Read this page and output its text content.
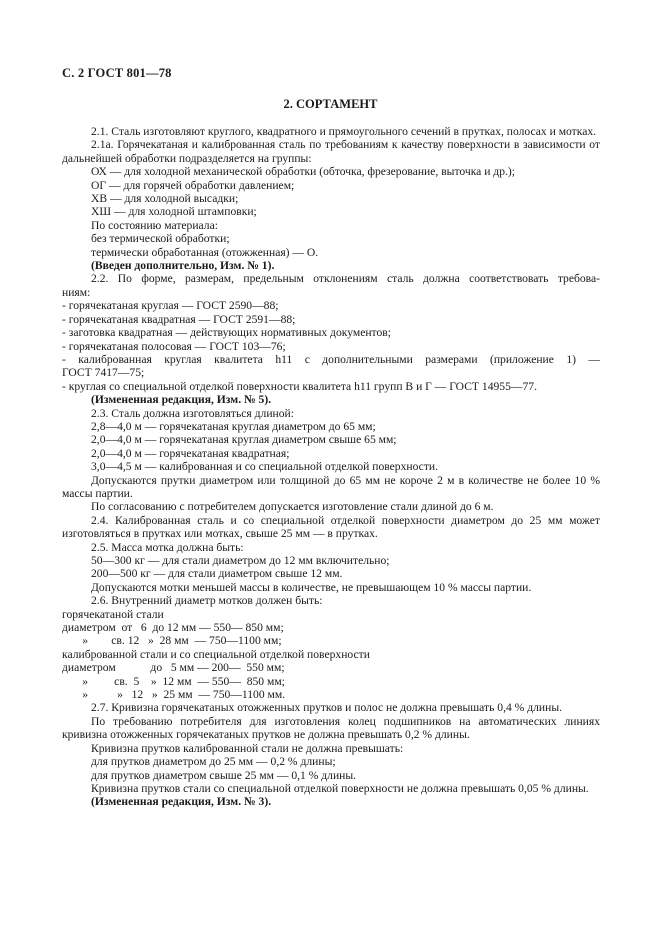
С. 2 ГОСТ 801—78
2. СОРТАМЕНТ

2.1. Сталь изготовляют круглого, квадратного и прямоугольного сечений в прутках, полосах и мотках.

2.1а. Горячекатаная и калиброванная сталь по требованиям к качеству поверхности в зависимости от дальнейшей обработки подразделяется на группы:

ОХ — для холодной механической обработки (обточка, фрезерование, выточка и др.);

ОГ — для горячей обработки давлением;

ХВ — для холодной высадки;

ХШ — для холодной штамповки;

По состоянию материала:

без термической обработки;

термически обработанная (отожженная) — О.

(Введен дополнительно, Изм. № 1).

2.2. По форме, размерам, предельным отклонениям сталь должна соответствовать требова-

ниям:

- горячекатаная круглая — ГОСТ 2590—88;

- горячекатаная квадратная — ГОСТ 2591—88;

- заготовка квадратная — действующих нормативных документов;

- горячекатаная полосовая — ГОСТ 103—76;

- калиброванная круглая квалитета h11 с дополнительными размерами (приложение 1) —

ГОСТ 7417—75;

- круглая со специальной отделкой поверхности квалитета h11 групп В и Г — ГОСТ 14955—77.

(Измененная редакция, Изм. № 5).

2.3. Сталь должна изготовляться длиной:

2,8—4,0 м — горячекатаная круглая диаметром до 65 мм;

2,0—4,0 м — горячекатаная круглая диаметром свыше 65 мм;

2,0—4,0 м — горячекатаная квадратная;

3,0—4,5 м — калиброванная и со специальной отделкой поверхности.

Допускаются прутки диаметром или толщиной до 65 мм не короче 2 м в количестве не более 10 % массы партии.

По согласованию с потребителем допускается изготовление стали длиной до 6 м.

2.4. Калиброванная сталь и со специальной отделкой поверхности диаметром до 25 мм может изготовляться в прутках или мотках, свыше 25 мм — в прутках.

2.5. Масса мотка должна быть:

50—300 кг — для стали диаметром до 12 мм включительно;

200—500 кг — для стали диаметром свыше 12 мм.

Допускаются мотки меньшей массы в количестве, не превышающем 10 % массы партии.

2.6. Внутренний диаметр мотков должен быть:

горячекатаной стали

диаметром  от   6  до 12 мм — 550— 850 мм;

»        св. 12   »  28 мм  — 750—1100 мм;

калиброванной стали и со специальной отделкой поверхности

диаметром            до   5 мм — 200—  550 мм;

»         св.  5    »  12 мм  — 550—  850 мм;

»          »   12   »  25 мм  — 750—1100 мм.

2.7. Кривизна горячекатаных отожженных прутков и полос не должна превышать 0,4 % длины.

По требованию потребителя для изготовления колец подшипников на автоматических линиях кривизна отожженных горячекатаных прутков не должна превышать 0,2 % длины.

Кривизна прутков калиброванной стали не должна превышать:

для прутков диаметром до 25 мм — 0,2 % длины;

для прутков диаметром свыше 25 мм — 0,1 % длины.

Кривизна прутков стали со специальной отделкой поверхности не должна превышать 0,05 % длины.

(Измененная редакция, Изм. № 3).
